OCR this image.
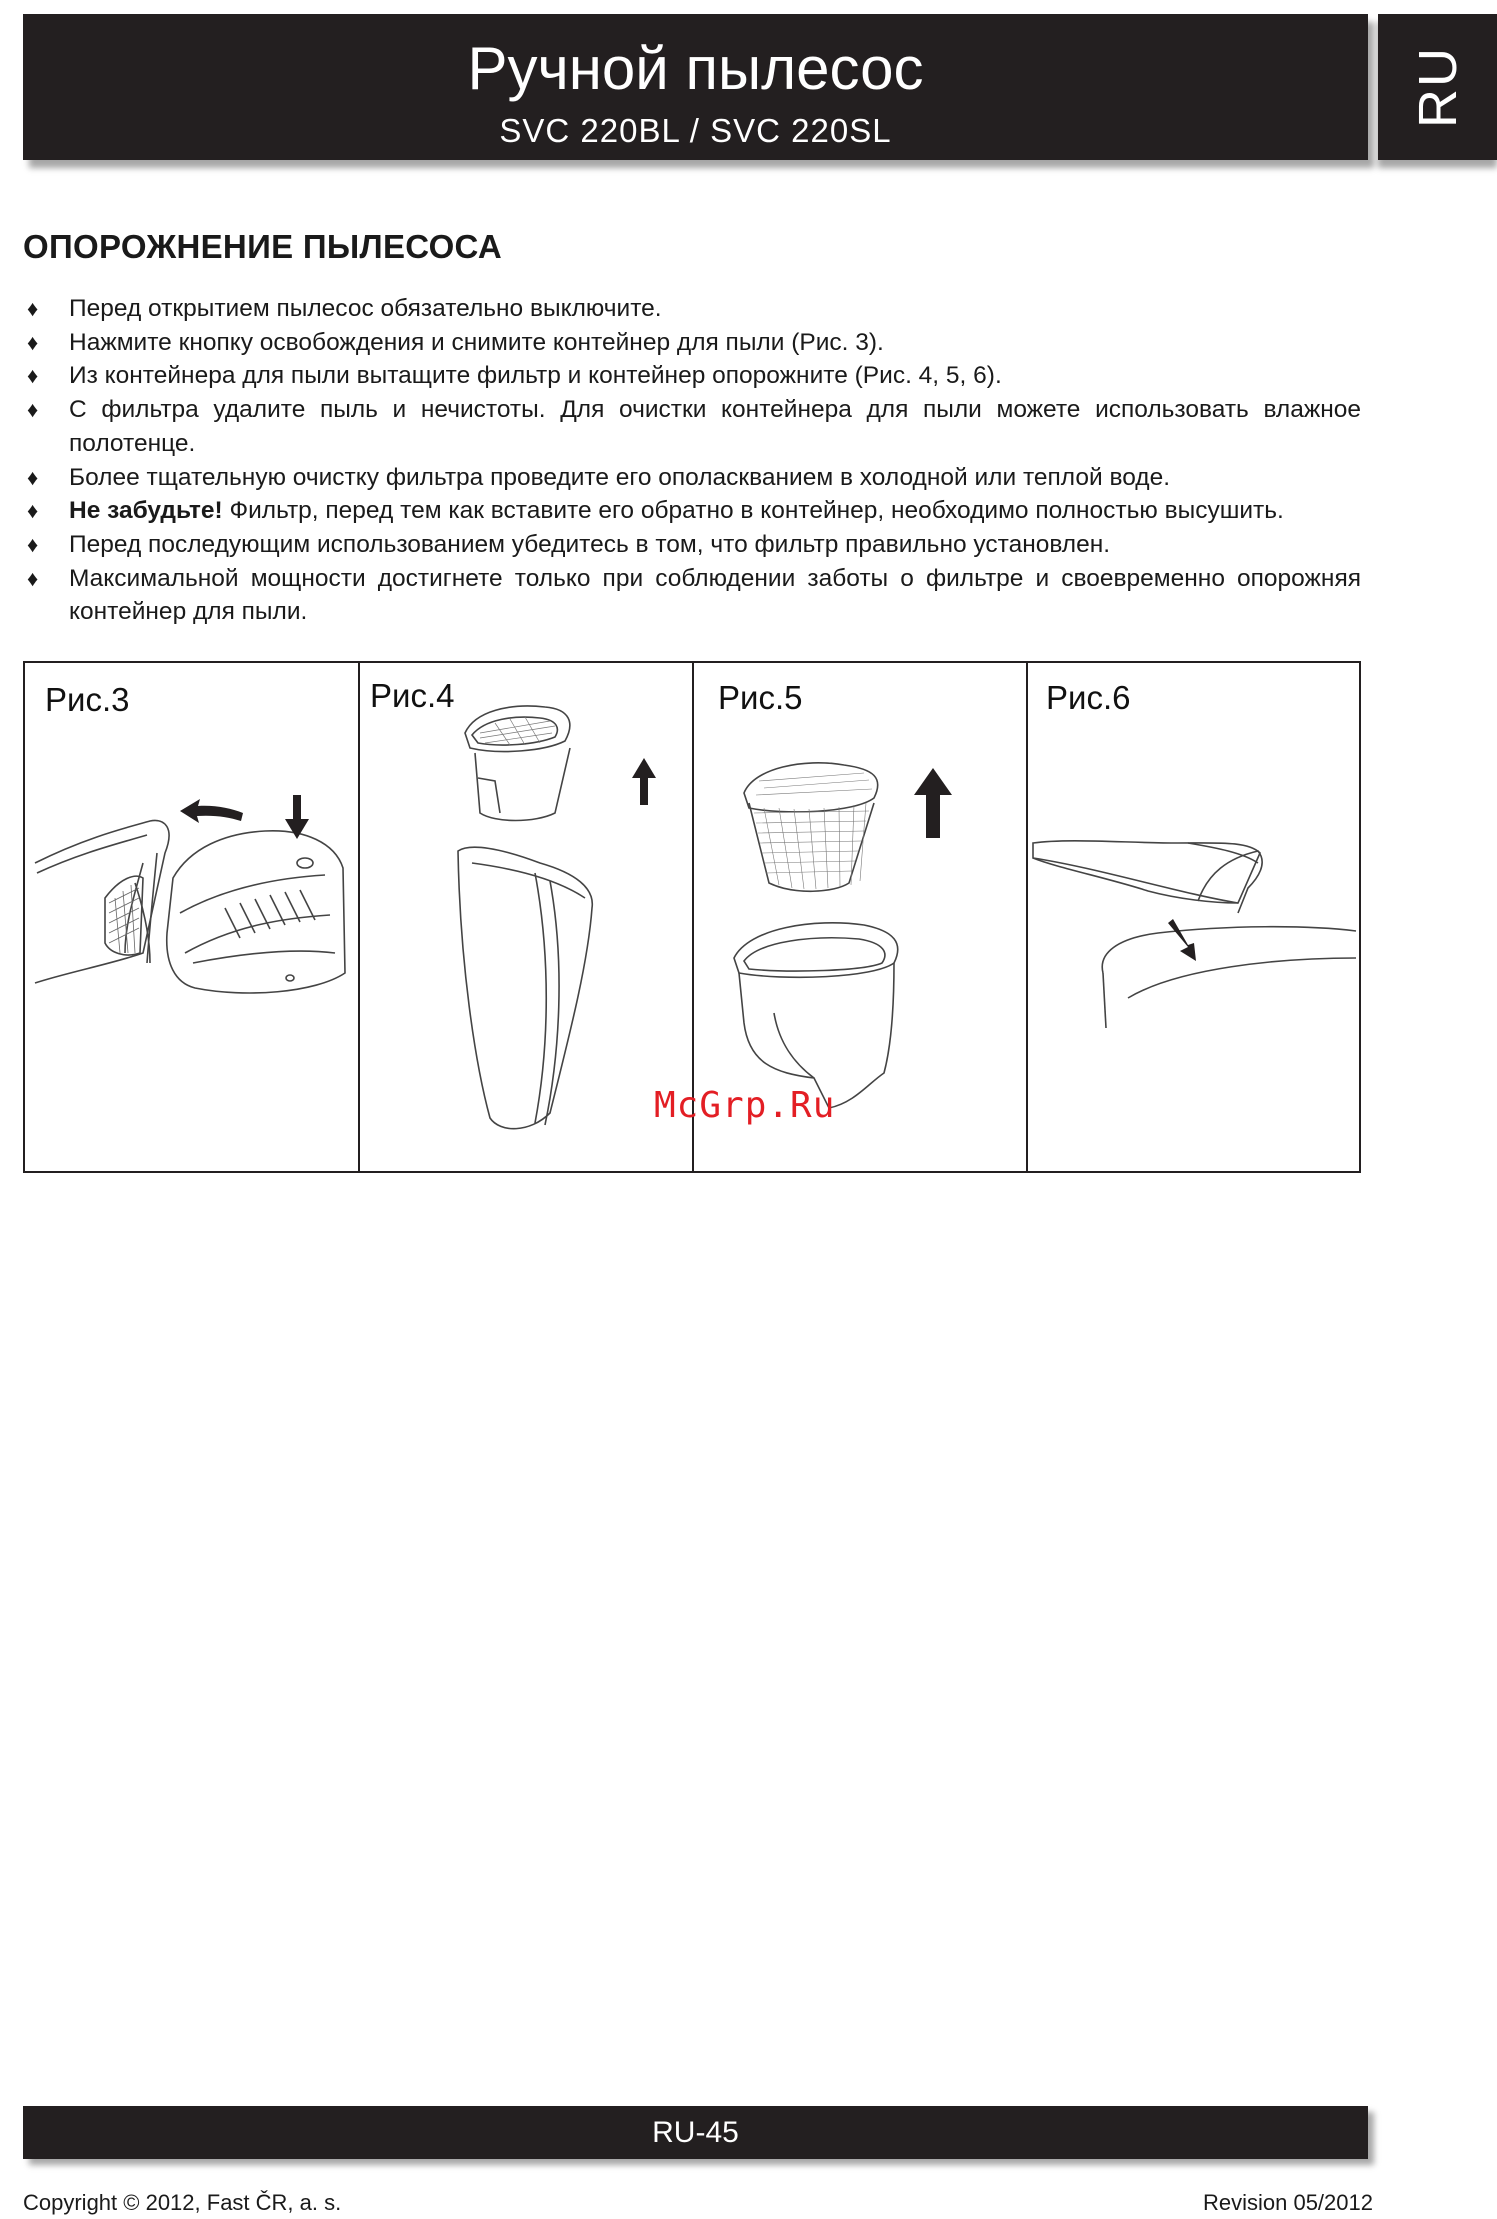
Ручной пылесос
SVC 220BL / SVC 220SL
RU
ОПОРОЖНЕНИЕ ПЫЛЕСОСА
♦ Перед открытием пылесос обязательно выключите.
♦ Нажмите кнопку освобождения и снимите контейнер для пыли (Рис. 3).
♦ Из контейнера для пыли вытащите фильтр и контейнер опорожните (Рис. 4, 5, 6).
♦ С фильтра удалите пыль и нечистоты. Для очистки контейнера для пыли можете использовать влажное полотенце.
♦ Более тщательную очистку фильтра проведите его ополаскванием в холодной или теплой воде.
♦ Не забудьте! Фильтр, перед тем как вставите его обратно в контейнер, необходимо полностью высушить.
♦ Перед последующим использованием убедитесь в том, что фильтр правильно установлен.
♦ Максимальной мощности достигнете только при соблюдении заботы о фильтре и своевременно опорожняя контейнер для пыли.
Рис.3	Рис.4	Рис.5	Рис.6
McGrp.Ru
RU-45
Copyright © 2012, Fast ČR, a. s.	Revision 05/2012
